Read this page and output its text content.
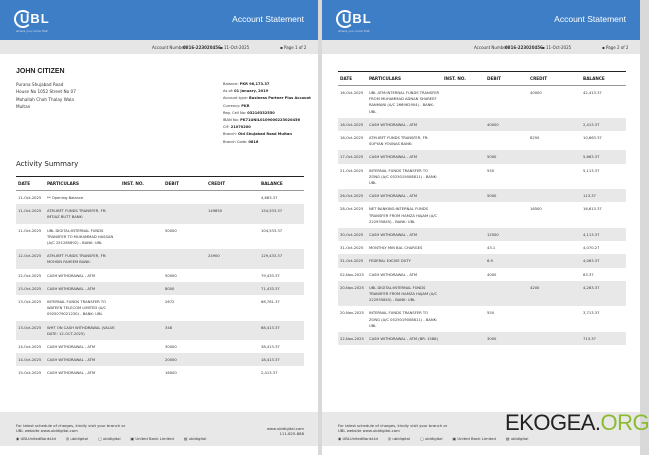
UBL
where you come first
Account Statement
Account Number:
0816-223020456 ▪ 11-Oct-2025	▪ Page 1 of 2
JOHN CITIZEN
Purana Shujabad Road
House No 1052 Street No 07
Mohallah Chah Thalay Wala
Multan
Balance: PKR 96,173.37
As of: 01 January, 2019
Account type: Business Partner Plus Account
Currency: PKR
Reg. Cell No: 03216332550
IBAN No: PK71UNIL0109000223020456
CIF: 21070200
Branch: Old Shujabad Road Multan
Branch Code: 0816
Activity Summary
DATE	PARTICULARS	INST. NO.	DEBIT	CREDIT	BALANCE
11-Oct-2025	** Opening Balance				4,683.37
11-Oct-2025	ATM-IBFT FUNDS TRANSFER, FR: IMTIAZ BUTT BANK:			149850	154,533.37
11-Oct-2025	UBL DIGITAL:INTERNAL FUNDS TRANSFER TO MUHAMMAD HASSAN (A/C 251285692) - BANK: UBL		50000		104,533.37
12-Oct-2025	ATM-IBFT FUNDS TRANSFER, FR: MOHSIN FAHEEM BANK:			24900	129,433.37
12-Oct-2025	CASH WITHDRAWAL - ATM		50000		79,433.37
13-Oct-2025	CASH WITHDRAWAL - ATM		8000		71,433.37
13-Oct-2025	INTERNAL FUNDS TRANSFER TO WATEEN TELECOM LIMITED (A/C 0925079021230) - BANK: UBL		2672		68,761.37
13-Oct-2025	WHT ON CASH WITHDRAWAL (VALUE DATE: 12-OCT-2025)		348		68,413.37
14-Oct-2025	CASH WITHDRAWAL - ATM		30000		38,413.37
14-Oct-2025	CASH WITHDRAWAL - ATM		20000		18,413.37
15-Oct-2025	CASH WITHDRAWAL - ATM		16000		2,413.37
For latest schedule of charges, kindly visit your branch or UBL website www.ubldigital.com
◉ UBLUnitedBankLtd	◎ ubldigital	▢ ubldigital	▣ United Bank Limited	▤ ubldigital
www.ubldigital.com
111-825-888
UBL
where you come first
Account Statement
Account Number:
0816-223020456 ▪ 11-Oct-2025	▪ Page 2 of 2
DATE	PARTICULARS	INST. NO.	DEBIT	CREDIT	BALANCE
16-Oct-2025	UBL ATM:INTERNAL FUNDS TRANSFER FROM MUHAMMAD ADNAN SHAREEF RANMANI (A/C 266962904) - BANK: UBL			40000	42,413.37
16-Oct-2025	CASH WITHDRAWAL - ATM		40000		2,413.37
16-Oct-2025	ATM-IBFT FUNDS TRANSFER, FR: SUFYAN YOUNAS BANK:			8250	10,663.37
17-Oct-2025	CASH WITHDRAWAL - ATM		5000		5,663.37
21-Oct-2025	INTERNAL FUNDS TRANSFER TO ZONG (A/C 0525019008811) - BANK: UBL		550		5,113.37
26-Oct-2025	CASH WITHDRAWAL - ATM		5000		113.37
28-Oct-2025	NET BANKING:INTERNAL FUNDS TRANSFER FROM HAMZA HAJAM (A/C 222935845) - BANK: UBL			16500	16,613.37
30-Oct-2025	CASH WITHDRAWAL - ATM		12500		4,113.37
31-Oct-2025	MONTHLY MIN BAL CHARGES		43.1		4,070.27
31-Oct-2025	FEDERAL EXCISE DUTY		6.9		4,063.37
02-Nov-2025	CASH WITHDRAWAL - ATM		4000		63.37
20-Nov-2025	UBL DIGITAL:INTERNAL FUNDS TRANSFER FROM HAMZA HAJAM (A/C 222935845) - BANK: UBL			4200	4,263.37
20-Nov-2025	INTERNAL FUNDS TRANSFER TO ZONG (A/C 0525019008811) - BANK: UBL		550		3,713.37
22-Nov-2025	CASH WITHDRAWAL - ATM (BR: 1588)		3000		713.37
For latest schedule of charges, kindly visit your branch or UBL website www.ubldigital.com
◉ UBLUnitedBankLtd	◎ ubldigital	▢ ubldigital	▣ United Bank Limited	▤ ubldigital
EKOGEA.ORG
